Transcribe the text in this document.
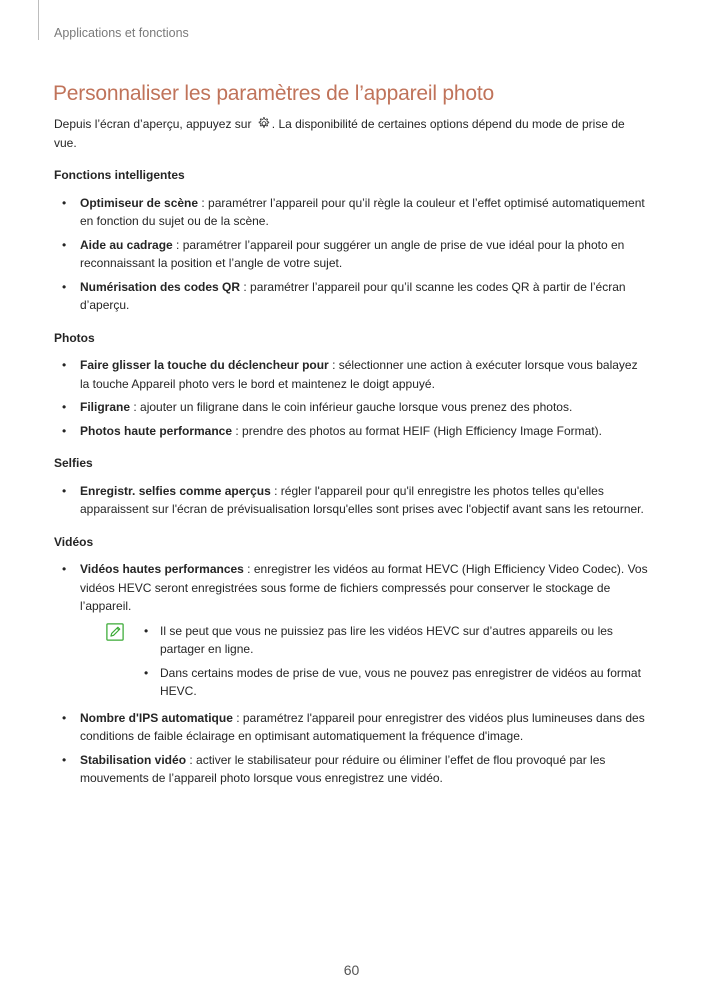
Applications et fonctions
Personnaliser les paramètres de l’appareil photo

Depuis l’écran d’aperçu, appuyez sur . La disponibilité de certaines options dépend du mode de prise de vue.

Fonctions intelligentes
• Optimiseur de scène : paramétrer l’appareil pour qu’il règle la couleur et l’effet optimisé automatiquement en fonction du sujet ou de la scène.
• Aide au cadrage : paramétrer l’appareil pour suggérer un angle de prise de vue idéal pour la photo en reconnaissant la position et l’angle de votre sujet.
• Numérisation des codes QR : paramétrer l’appareil pour qu’il scanne les codes QR à partir de l’écran d’aperçu.
Photos
• Faire glisser la touche du déclencheur pour : sélectionner une action à exécuter lorsque vous balayez la touche Appareil photo vers le bord et maintenez le doigt appuyé.
• Filigrane : ajouter un filigrane dans le coin inférieur gauche lorsque vous prenez des photos.
• Photos haute performance : prendre des photos au format HEIF (High Efficiency Image Format).
Selfies
• Enregistr. selfies comme aperçus : régler l'appareil pour qu'il enregistre les photos telles qu'elles apparaissent sur l'écran de prévisualisation lorsqu'elles sont prises avec l'objectif avant sans les retourner.
Vidéos
• Vidéos hautes performances : enregistrer les vidéos au format HEVC (High Efficiency Video Codec). Vos vidéos HEVC seront enregistrées sous forme de fichiers compressés pour conserver le stockage de l’appareil.
• Il se peut que vous ne puissiez pas lire les vidéos HEVC sur d’autres appareils ou les partager en ligne.
• Dans certains modes de prise de vue, vous ne pouvez pas enregistrer de vidéos au format HEVC.
• Nombre d'IPS automatique : paramétrez l'appareil pour enregistrer des vidéos plus lumineuses dans des conditions de faible éclairage en optimisant automatiquement la fréquence d'image.
• Stabilisation vidéo : activer le stabilisateur pour réduire ou éliminer l’effet de flou provoqué par les mouvements de l’appareil photo lorsque vous enregistrez une vidéo.
60
